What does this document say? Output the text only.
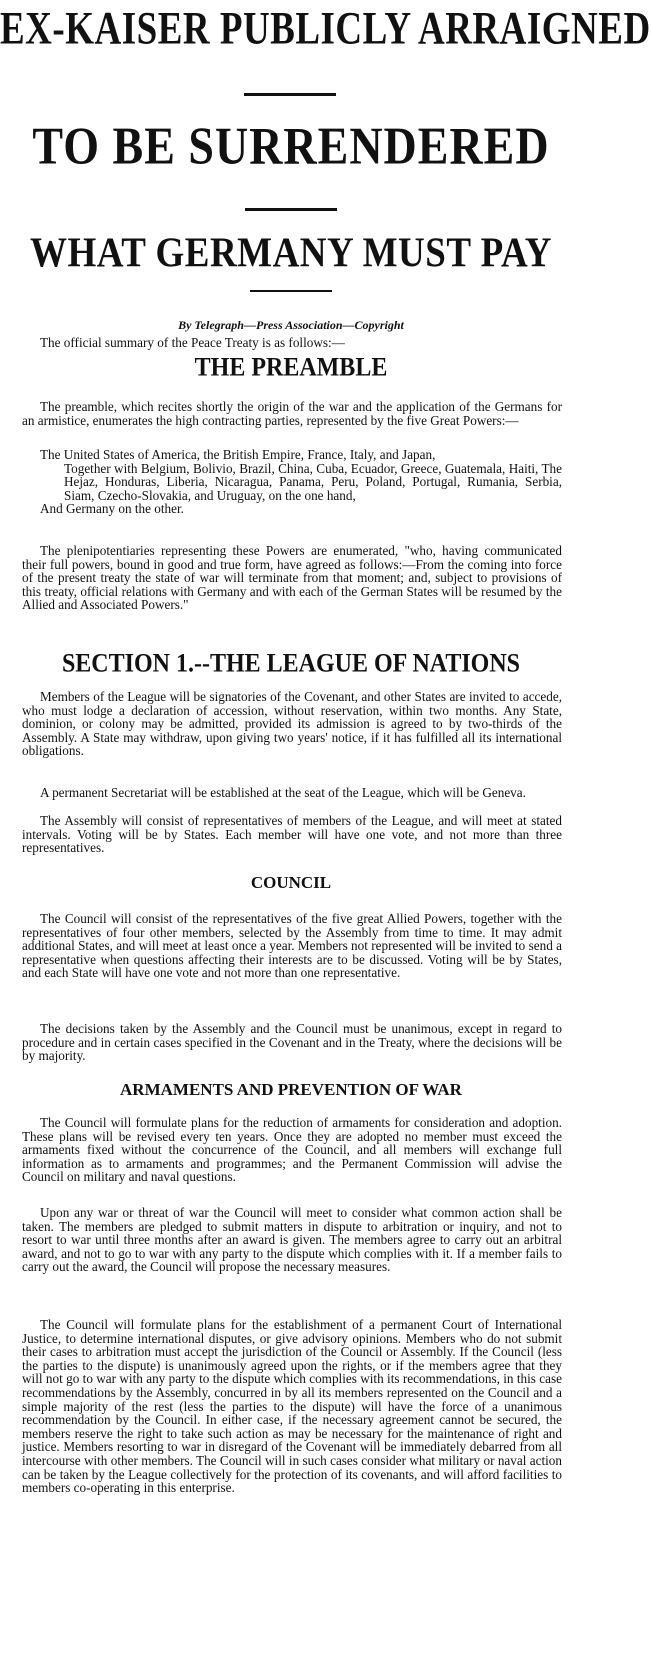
EX-KAISER PUBLICLY ARRAIGNED
TO BE SURRENDERED
WHAT GERMANY MUST PAY
By Telegraph—Press Association—Copyright

The official summary of the Peace Treaty is as follows:—

THE PREAMBLE

The preamble, which recites shortly the origin of the war and the application of the Germans for an armistice, enumerates the high contracting parties, represented by the five Great Powers:—

The United States of America, the British Empire, France, Italy, and Japan,
Together with Belgium, Bolivio, Brazil, China, Cuba, Ecuador, Greece, Guatemala, Haiti, The Hejaz, Honduras, Liberia, Nicaragua, Panama, Peru, Poland, Portugal, Rumania, Serbia, Siam, Czecho-Slovakia, and Uruguay, on the one hand,
And Germany on the other.

The plenipotentiaries representing these Powers are enumerated, "who, having communicated their full powers, bound in good and true form, have agreed as follows:—From the coming into force of the present treaty the state of war will terminate from that moment; and, subject to provisions of this treaty, official relations with Germany and with each of the German States will be resumed by the Allied and Associated Powers."

SECTION 1.--THE LEAGUE OF NATIONS

Members of the League will be signatories of the Covenant, and other States are invited to accede, who must lodge a declaration of accession, without reservation, within two months. Any State, dominion, or colony may be admitted, provided its admission is agreed to by two-thirds of the Assembly. A State may withdraw, upon giving two years' notice, if it has fulfilled all its international obligations.

A permanent Secretariat will be established at the seat of the League, which will be Geneva.

The Assembly will consist of representatives of members of the League, and will meet at stated intervals. Voting will be by States. Each member will have one vote, and not more than three representatives.

COUNCIL

The Council will consist of the representatives of the five great Allied Powers, together with the representatives of four other members, selected by the Assembly from time to time. It may admit additional States, and will meet at least once a year. Members not represented will be invited to send a representative when questions affecting their interests are to be discussed. Voting will be by States, and each State will have one vote and not more than one representative.

The decisions taken by the Assembly and the Council must be unanimous, except in regard to procedure and in certain cases specified in the Covenant and in the Treaty, where the decisions will be by majority.

ARMAMENTS AND PREVENTION OF WAR

The Council will formulate plans for the reduction of armaments for consideration and adoption. These plans will be revised every ten years. Once they are adopted no member must exceed the armaments fixed without the concurrence of the Council, and all members will exchange full information as to armaments and programmes; and the Permanent Commission will advise the Council on military and naval questions.

Upon any war or threat of war the Council will meet to consider what common action shall be taken. The members are pledged to submit matters in dispute to arbitration or inquiry, and not to resort to war until three months after an award is given. The members agree to carry out an arbitral award, and not to go to war with any party to the dispute which complies with it. If a member fails to carry out the award, the Council will propose the necessary measures.

The Council will formulate plans for the establishment of a permanent Court of International Justice, to determine international disputes, or give advisory opinions. Members who do not submit their cases to arbitration must accept the jurisdiction of the Council or Assembly. If the Council (less the parties to the dispute) is unanimously agreed upon the rights, or if the members agree that they will not go to war with any party to the dispute which complies with its recommendations, in this case recommendations by the Assembly, concurred in by all its members represented on the Council and a simple majority of the rest (less the parties to the dispute) will have the force of a unanimous recommendation by the Council. In either case, if the necessary agreement cannot be secured, the members reserve the right to take such action as may be necessary for the maintenance of right and justice. Members resorting to war in disregard of the Covenant will be immediately debarred from all intercourse with other members. The Council will in such cases consider what military or naval action can be taken by the League collectively for the protection of its covenants, and will afford facilities to members co-operating in this enterprise.
